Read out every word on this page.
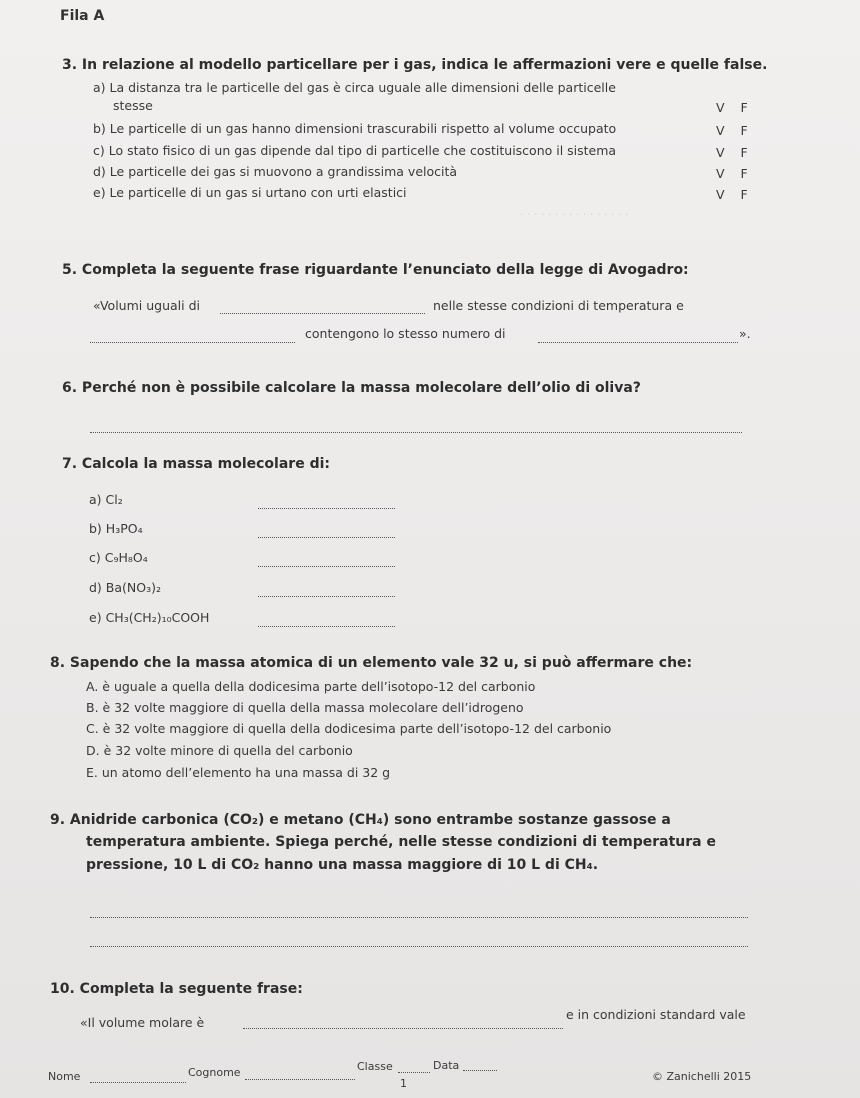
. . . . . . . . . . . . . . . .
Fila A
3. In relazione al modello particellare per i gas, indica le affermazioni vere e quelle false.
a) La distanza tra le particelle del gas è circa uguale alle dimensioni delle particelle
stesse	V F
b) Le particelle di un gas hanno dimensioni trascurabili rispetto al volume occupato	V F
c) Lo stato fisico di un gas dipende dal tipo di particelle che costituiscono il sistema	V F
d) Le particelle dei gas si muovono a grandissima velocità	V F
e) Le particelle di un gas si urtano con urti elastici	V F
5. Completa la seguente frase riguardante l’enunciato della legge di Avogadro:
«Volumi uguali di	nelle stesse condizioni di temperatura e
contengono lo stesso numero di	».
6. Perché non è possibile calcolare la massa molecolare dell’olio di oliva?
7. Calcola la massa molecolare di:
a) Cl₂
b) H₃PO₄
c) C₉H₈O₄
d) Ba(NO₃)₂
e) CH₃(CH₂)₁₀COOH
8. Sapendo che la massa atomica di un elemento vale 32 u, si può affermare che:
A. è uguale a quella della dodicesima parte dell’isotopo-12 del carbonio
B. è 32 volte maggiore di quella della massa molecolare dell’idrogeno
C. è 32 volte maggiore di quella della dodicesima parte dell’isotopo-12 del carbonio
D. è 32 volte minore di quella del carbonio
E. un atomo dell’elemento ha una massa di 32 g
9. Anidride carbonica (CO₂) e metano (CH₄) sono entrambe sostanze gassose a
temperatura ambiente. Spiega perché, nelle stesse condizioni di temperatura e
pressione, 10 L di CO₂ hanno una massa maggiore di 10 L di CH₄.
10. Completa la seguente frase:
«Il volume molare è
e in condizioni standard vale
Nome	Cognome	Classe	Data
1
© Zanichelli 2015
